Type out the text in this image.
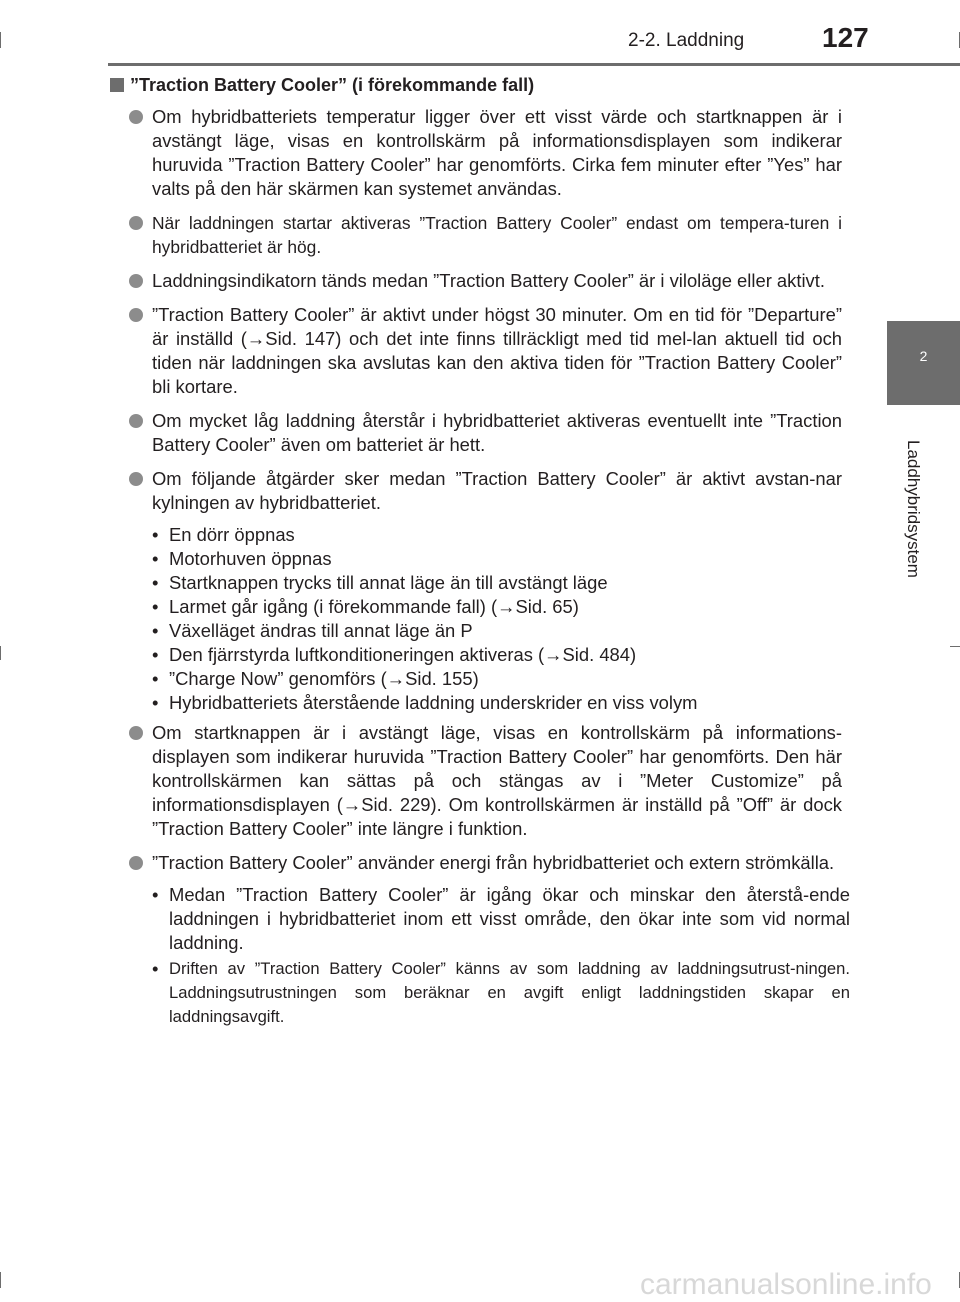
2-2. Laddning	127
2
Laddhybridsystem
”Traction Battery Cooler” (i förekommande fall)
Om hybridbatteriets temperatur ligger över ett visst värde och startknappen är i avstängt läge, visas en kontrollskärm på informationsdisplayen som indikerar huruvida ”Traction Battery Cooler” har genomförts. Cirka fem minuter efter ”Yes” har valts på den här skärmen kan systemet användas.
När laddningen startar aktiveras ”Traction Battery Cooler” endast om tempera-turen i hybridbatteriet är hög.
Laddningsindikatorn tänds medan ”Traction Battery Cooler” är i viloläge eller aktivt.
”Traction Battery Cooler” är aktivt under högst 30 minuter. Om en tid för ”Departure” är inställd (→Sid. 147) och det inte finns tillräckligt med tid mel-lan aktuell tid och tiden när laddningen ska avslutas kan den aktiva tiden för ”Traction Battery Cooler” bli kortare.
Om mycket låg laddning återstår i hybridbatteriet aktiveras eventuellt inte ”Traction Battery Cooler” även om batteriet är hett.
Om följande åtgärder sker medan ”Traction Battery Cooler” är aktivt avstan-nar kylningen av hybridbatteriet.
• En dörr öppnas
• Motorhuven öppnas
• Startknappen trycks till annat läge än till avstängt läge
• Larmet går igång (i förekommande fall) (→Sid. 65)
• Växelläget ändras till annat läge än P
• Den fjärrstyrda luftkonditioneringen aktiveras (→Sid. 484)
• ”Charge Now” genomförs (→Sid. 155)
• Hybridbatteriets återstående laddning underskrider en viss volym
Om startknappen är i avstängt läge, visas en kontrollskärm på informations-displayen som indikerar huruvida ”Traction Battery Cooler” har genomförts. Den här kontrollskärmen kan sättas på och stängas av i ”Meter Customize” på informationsdisplayen (→Sid. 229). Om kontrollskärmen är inställd på ”Off” är dock ”Traction Battery Cooler” inte längre i funktion.
”Traction Battery Cooler” använder energi från hybridbatteriet och extern strömkälla.
• Medan ”Traction Battery Cooler” är igång ökar och minskar den återstå-ende laddningen i hybridbatteriet inom ett visst område, den ökar inte som vid normal laddning.
• Driften av ”Traction Battery Cooler” känns av som laddning av laddningsutrust-ningen. Laddningsutrustningen som beräknar en avgift enligt laddningstiden skapar en laddningsavgift.
carmanualsonline.info
